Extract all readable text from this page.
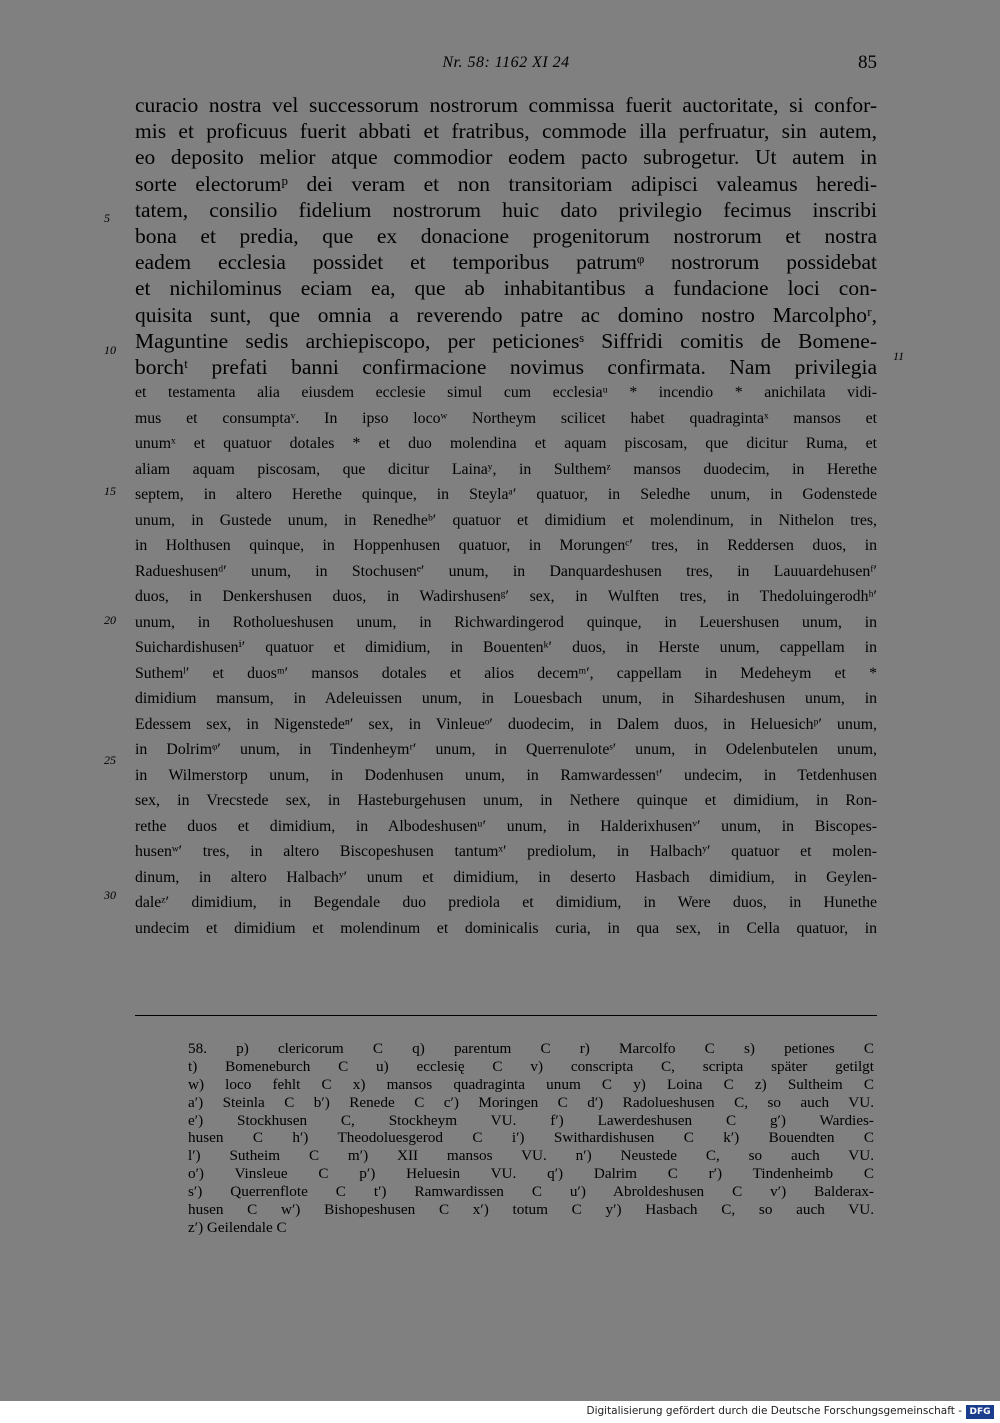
Nr. 58: 1162 XI 24	85
curacio nostra vel successorum nostrorum commissa fuerit auctoritate, si confor-
mis et proficuus fuerit abbati et fratribus, commode illa perfruatur, sin autem,
eo deposito melior atque commodior eodem pacto subrogetur. Ut autem in
sorte electorumᵖ dei veram et non transitoriam adipisci valeamus heredi-
tatem, consilio fidelium nostrorum huic dato privilegio fecimus inscribi
bona et predia, que ex donacione progenitorum nostrorum et nostra
eadem ecclesia possidet et temporibus patrumᵠ nostrorum possidebat
et nichilominus eciam ea, que ab inhabitantibus a fundacione loci con-
quisita sunt, que omnia a reverendo patre ac domino nostro Marcolphoʳ,
Maguntine sedis archiepiscopo, per peticionesˢ Siffridi comitis de Bomene-
borchᵗ prefati banni confirmacione novimus confirmata. Nam privilegia
et testamenta alia eiusdem ecclesie simul cum ecclesiaᵘ * incendio * anichilata vidi-
mus et consumptaᵛ. In ipso locoʷ Northeym scilicet habet quadragintaˣ mansos et
unumˣ et quatuor dotales * et duo molendina et aquam piscosam, que dicitur Ruma, et
aliam aquam piscosam, que dicitur Lainaʸ, in Sulthemᶻ mansos duodecim, in Herethe
septem, in altero Herethe quinque, in Steylaᵃ′ quatuor, in Seledhe unum, in Godenstede
unum, in Gustede unum, in Renedheᵇ′ quatuor et dimidium et molendinum, in Nithelon tres,
in Holthusen quinque, in Hoppenhusen quatuor, in Morungenᶜ′ tres, in Reddersen duos, in
Radueshusenᵈ′ unum, in Stochusenᵉ′ unum, in Danquardeshusen tres, in Lauuardehusenᶠ′
duos, in Denkershusen duos, in Wadirshusenᵍ′ sex, in Wulften tres, in Thedoluingerodhʰ′
unum, in Rotholueshusen unum, in Richwardingerod quinque, in Leuershusen unum, in
Suichardishusenⁱ′ quatuor et dimidium, in Bouentenᵏ′ duos, in Herste unum, cappellam in
Suthemˡ′ et duosᵐ′ mansos dotales et alios decemᵐ′, cappellam in Medeheym et *
dimidium mansum, in Adeleuissen unum, in Louesbach unum, in Sihardeshusen unum, in
Edessem sex, in Nigenstedeⁿ′ sex, in Vinleueᵒ′ duodecim, in Dalem duos, in Heluesichᵖ′ unum,
in Dolrimᵠ′ unum, in Tindenheymʳ′ unum, in Querrenuloteˢ′ unum, in Odelenbutelen unum,
in Wilmerstorp unum, in Dodenhusen unum, in Ramwardessenᵗ′ undecim, in Tetdenhusen
sex, in Vrecstede sex, in Hasteburgehusen unum, in Nethere quinque et dimidium, in Ron-
rethe duos et dimidium, in Albodeshusenᵘ′ unum, in Halderixhusenᵛ′ unum, in Biscopes-
husenʷ′ tres, in altero Biscopeshusen tantumˣ′ prediolum, in Halbachʸ′ quatuor et molen-
dinum, in altero Halbachʸ′ unum et dimidium, in deserto Hasbach dimidium, in Geylen-
daleᶻ′ dimidium, in Begendale duo prediola et dimidium, in Were duos, in Hunethe
undecim et dimidium et molendinum et dominicalis curia, in qua sex, in Cella quatuor, in
5
10
15
20
25
30
11
58. p) clericorum C q) parentum C r) Marcolfo C s) petiones C
t) Bomeneburch C u) ecclesię C v) conscripta C, scripta später getilgt
w) loco fehlt C x) mansos quadraginta unum C y) Loina C z) Sultheim C
a′) Steinla C b′) Renede C c′) Moringen C d′) Radolueshusen C, so auch VU.
e′) Stockhusen C, Stockheym VU. f′) Lawerdeshusen C g′) Wardies-
husen C h′) Theodoluesgerod C i′) Swithardishusen C k′) Bouendten C
l′) Sutheim C m′) XII mansos VU. n′) Neustede C, so auch VU.
o′) Vinsleue C p′) Heluesin VU. q′) Dalrim C r′) Tindenheimb C
s′) Querrenflote C t′) Ramwardissen C u′) Abroldeshusen C v′) Balderax-
husen C w′) Bishopeshusen C x′) totum C y′) Hasbach C, so auch VU.
z′) Geilendale C
Digitalisierung gefördert durch die Deutsche Forschungsgemeinschaft - DFG
